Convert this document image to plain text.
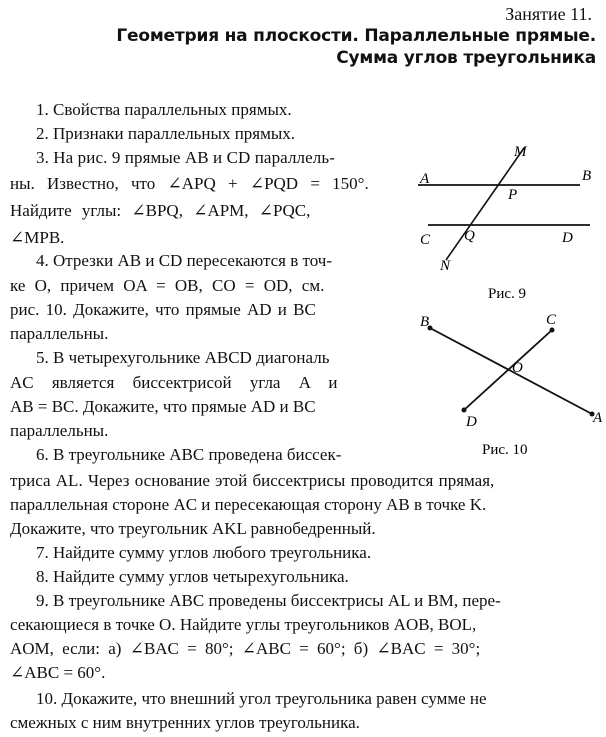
Занятие 11.
Геометрия на плоскости. Параллельные прямые.
Сумма углов треугольника
1. Свойства параллельных прямых.
2. Признаки параллельных прямых.
3. На рис. 9 прямые AB и CD параллель-
ны. Известно, что ∠APQ + ∠PQD = 150°.
Найдите углы: ∠BPQ, ∠APM, ∠PQC,
∠MPB.
4. Отрезки AB и CD пересекаются в точ-
ке O, причем OA = OB, CO = OD, см.
рис. 10. Докажите, что прямые AD и BC
параллельны.
5. В четырехугольнике ABCD диагональ
AC является биссектрисой угла A и
AB = BC. Докажите, что прямые AD и BC
параллельны.
6. В треугольнике ABC проведена биссек-
триса AL. Через основание этой биссектрисы проводится прямая,
параллельная стороне AC и пересекающая сторону AB в точке K.
Докажите, что треугольник AKL равнобедренный.
7. Найдите сумму углов любого треугольника.
8. Найдите сумму углов четырехугольника.
9. В треугольнике ABC проведены биссектрисы AL и BM, пере-
секающиеся в точке O. Найдите углы треугольников AOB, BOL,
AOM, если: а) ∠BAC = 80°; ∠ABC = 60°; б) ∠BAC = 30°;
∠ABC = 60°.
10. Докажите, что внешний угол треугольника равен сумме не
смежных с ним внутренних углов треугольника.
M
A	B
P
C Q	D
N
Рис. 9
B	C
O
D	A
Рис. 10
